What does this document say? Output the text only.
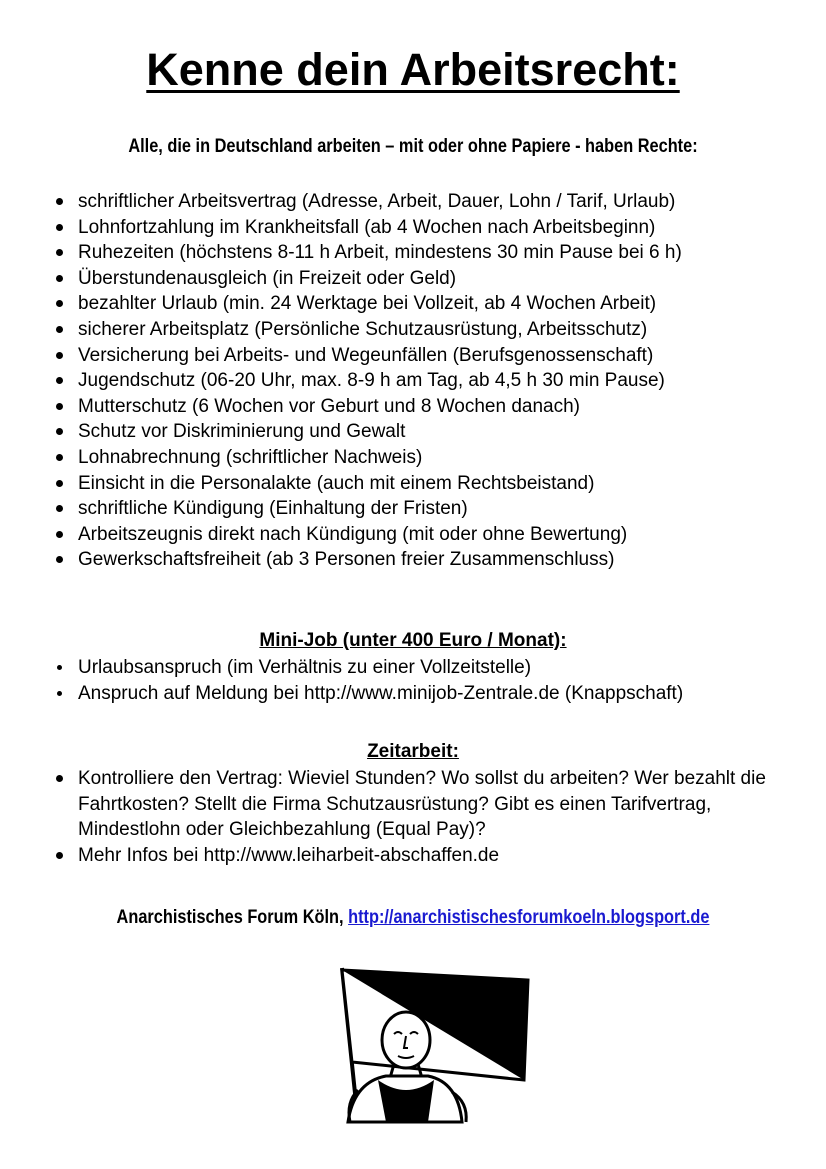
Kenne dein Arbeitsrecht:
Alle, die in Deutschland arbeiten – mit oder ohne Papiere - haben Rechte:
schriftlicher Arbeitsvertrag (Adresse, Arbeit, Dauer, Lohn / Tarif, Urlaub)
Lohnfortzahlung im Krankheitsfall (ab 4 Wochen nach Arbeitsbeginn)
Ruhezeiten (höchstens 8-11 h Arbeit, mindestens 30 min Pause bei 6 h)
Überstundenausgleich (in Freizeit oder Geld)
bezahlter Urlaub (min. 24 Werktage bei Vollzeit, ab 4 Wochen Arbeit)
sicherer Arbeitsplatz (Persönliche Schutzausrüstung, Arbeitsschutz)
Versicherung bei Arbeits- und Wegeunfällen (Berufsgenossenschaft)
Jugendschutz (06-20 Uhr, max. 8-9 h am Tag, ab 4,5 h 30 min Pause)
Mutterschutz (6 Wochen vor Geburt und 8 Wochen danach)
Schutz vor Diskriminierung und Gewalt
Lohnabrechnung (schriftlicher Nachweis)
Einsicht in die Personalakte (auch mit einem Rechtsbeistand)
schriftliche Kündigung (Einhaltung der Fristen)
Arbeitszeugnis direkt nach Kündigung (mit oder ohne Bewertung)
Gewerkschaftsfreiheit (ab 3 Personen freier Zusammenschluss)
Mini-Job (unter 400 Euro / Monat):
Urlaubsanspruch (im Verhältnis zu einer Vollzeitstelle)
Anspruch auf Meldung bei http://www.minijob-Zentrale.de (Knappschaft)
Zeitarbeit:
Kontrolliere den Vertrag: Wieviel Stunden? Wo sollst du arbeiten? Wer bezahlt die Fahrtkosten? Stellt die Firma Schutzausrüstung? Gibt es einen Tarifvertrag, Mindestlohn oder Gleichbezahlung (Equal Pay)?
Mehr Infos bei http://www.leiharbeit-abschaffen.de
Anarchistisches Forum Köln, http://anarchistischesforumkoeln.blogsport.de
